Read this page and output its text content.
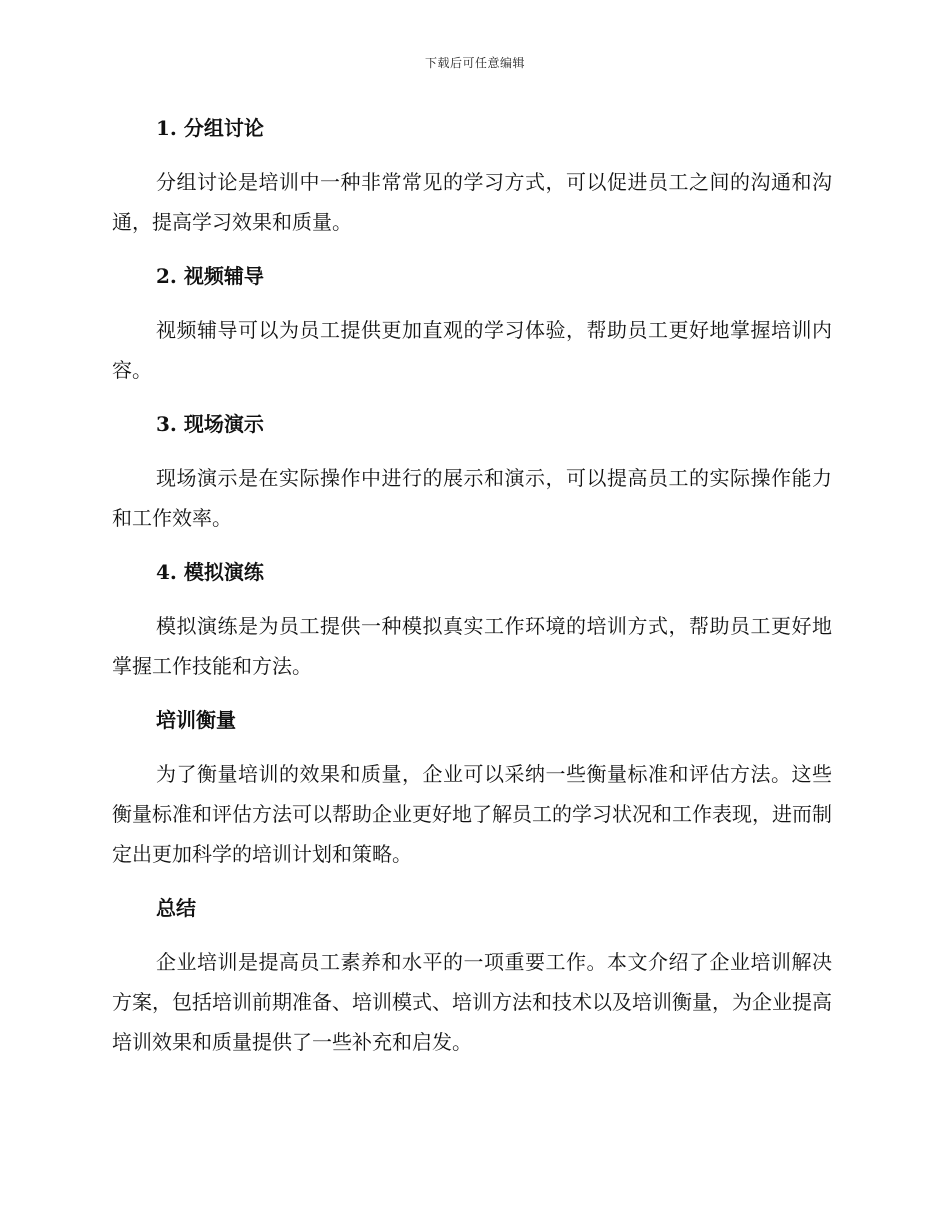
下载后可任意编辑
1. 分组讨论

分组讨论是培训中一种非常常见的学习方式，可以促进员工之间的沟通和沟通，提高学习效果和质量。

2. 视频辅导

视频辅导可以为员工提供更加直观的学习体验，帮助员工更好地掌握培训内容。

3. 现场演示

现场演示是在实际操作中进行的展示和演示，可以提高员工的实际操作能力和工作效率。

4. 模拟演练

模拟演练是为员工提供一种模拟真实工作环境的培训方式，帮助员工更好地掌握工作技能和方法。

培训衡量

为了衡量培训的效果和质量，企业可以采纳一些衡量标准和评估方法。这些衡量标准和评估方法可以帮助企业更好地了解员工的学习状况和工作表现，进而制定出更加科学的培训计划和策略。

总结

企业培训是提高员工素养和水平的一项重要工作。本文介绍了企业培训解决方案，包括培训前期准备、培训模式、培训方法和技术以及培训衡量，为企业提高培训效果和质量提供了一些补充和启发。
